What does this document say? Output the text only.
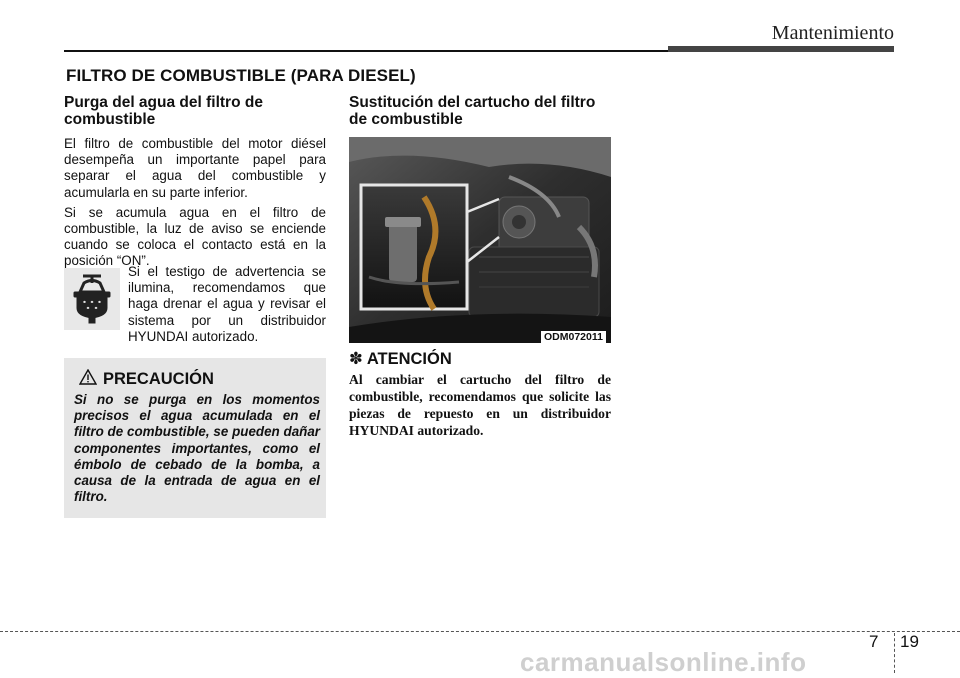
Mantenimiento
FILTRO DE COMBUSTIBLE (PARA DIESEL)
Purga del agua del filtro de combustible

El filtro de combustible del motor diésel desempeña un importante papel para separar el agua del combustible y acumularla en su parte inferior.

Si se acumula agua en el filtro de combustible, la luz de aviso se enciende cuando se coloca el contacto está en la posición “ON”.

Si el testigo de advertencia se ilumina, recomendamos que haga drenar el agua y revisar el sistema por un distribuidor HYUNDAI autorizado.

PRECAUCIÓN

Si no se purga en los momentos precisos el agua acumulada en el filtro de combustible, se pueden dañar componentes importantes, como el émbolo de cebado de la bomba, a causa de la entrada de agua en el filtro.

Sustitución del cartucho del filtro de combustible
ODM072011
✽ ATENCIÓN

Al cambiar el cartucho del filtro de combustible, recomendamos que solicite las piezas de repuesto en un distribuidor HYUNDAI autorizado.

7 19
carmanualsonline.info
